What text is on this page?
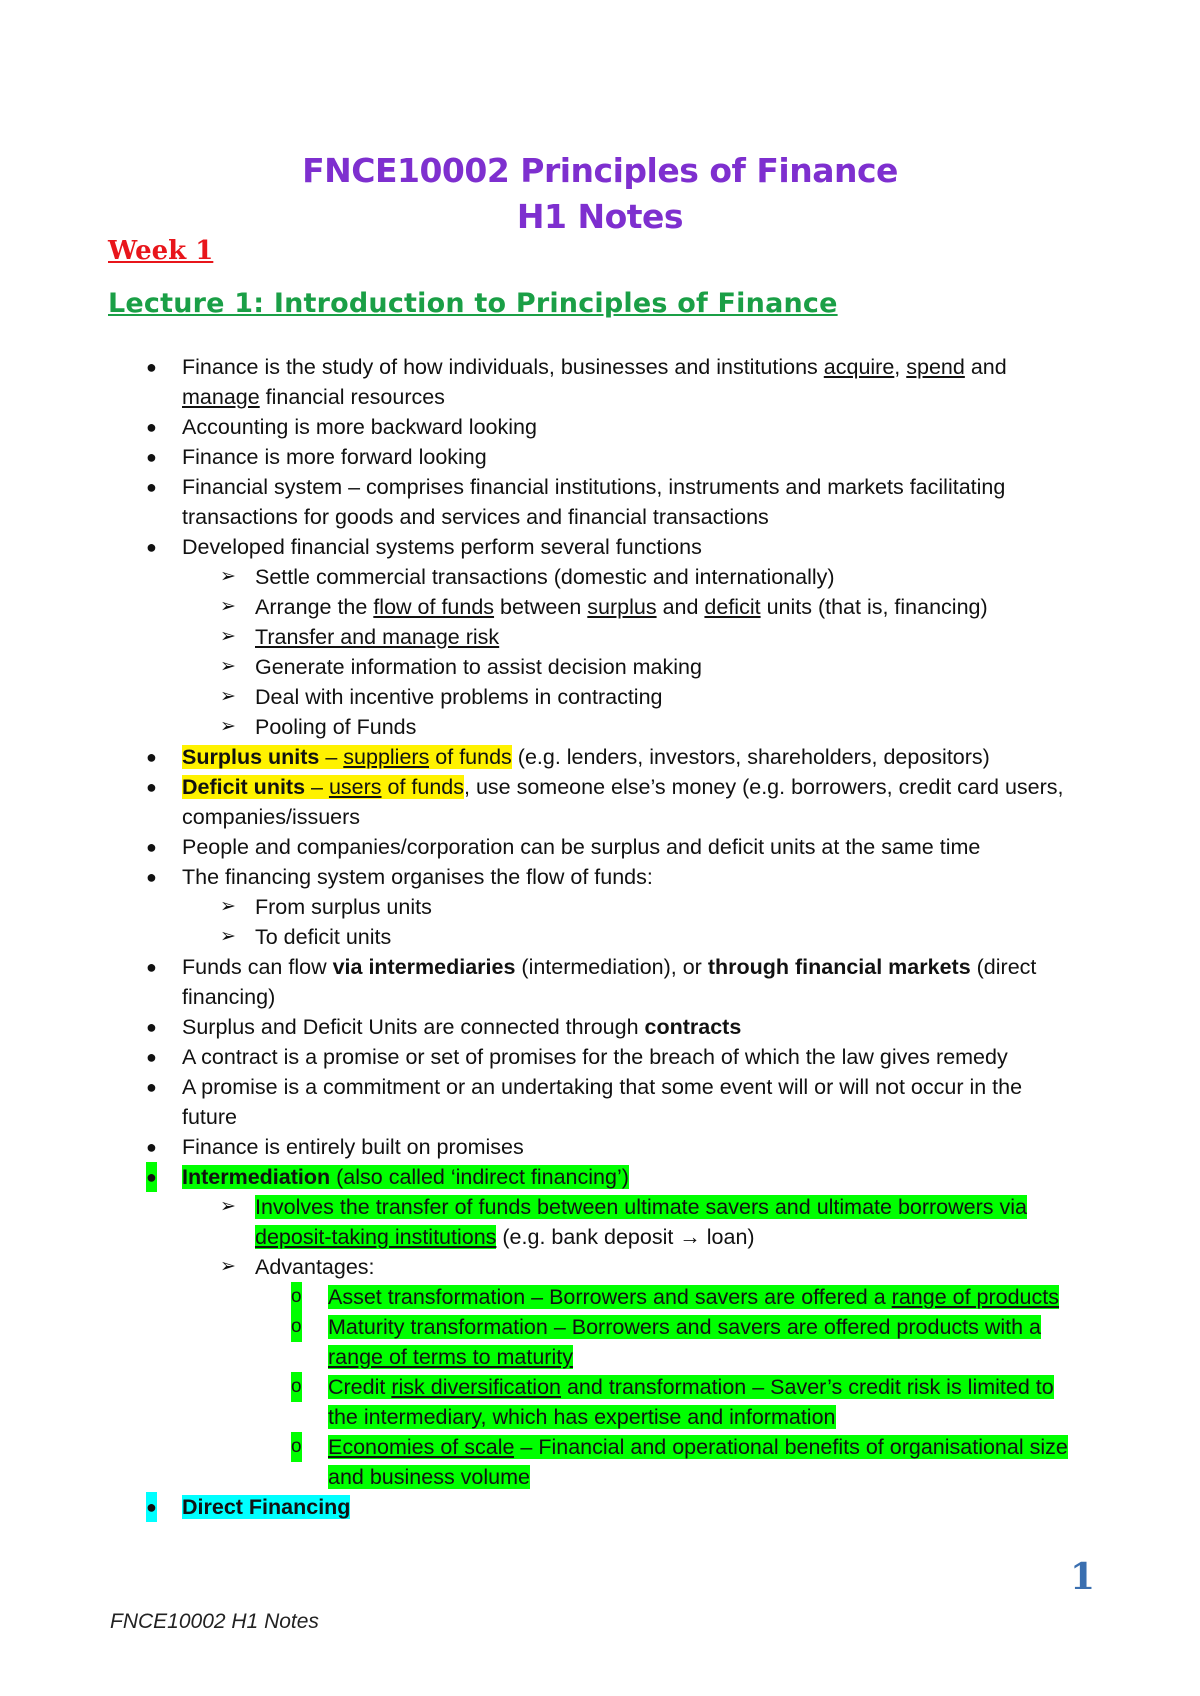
FNCE10002 Principles of Finance
H1 Notes
Week 1
Lecture 1: Introduction to Principles of Finance
● Finance is the study of how individuals, businesses and institutions acquire, spend and
manage financial resources
● Accounting is more backward looking
● Finance is more forward looking
● Financial system – comprises financial institutions, instruments and markets facilitating
transactions for goods and services and financial transactions
● Developed financial systems perform several functions
➢ Settle commercial transactions (domestic and internationally)
➢ Arrange the flow of funds between surplus and deficit units (that is, financing)
➢ Transfer and manage risk
➢ Generate information to assist decision making
➢ Deal with incentive problems in contracting
➢ Pooling of Funds
● Surplus units – suppliers of funds (e.g. lenders, investors, shareholders, depositors)
● Deficit units – users of funds, use someone else’s money (e.g. borrowers, credit card users,
companies/issuers
● People and companies/corporation can be surplus and deficit units at the same time
● The financing system organises the flow of funds:
➢ From surplus units
➢ To deficit units
● Funds can flow via intermediaries (intermediation), or through financial markets (direct
financing)
● Surplus and Deficit Units are connected through contracts
● A contract is a promise or set of promises for the breach of which the law gives remedy
● A promise is a commitment or an undertaking that some event will or will not occur in the
future
● Finance is entirely built on promises
● Intermediation (also called ‘indirect financing’)
➢ Involves the transfer of funds between ultimate savers and ultimate borrowers via
deposit-taking institutions (e.g. bank deposit → loan)
➢ Advantages:
o Asset transformation – Borrowers and savers are offered a range of products
o Maturity transformation – Borrowers and savers are offered products with a
range of terms to maturity
o Credit risk diversification and transformation – Saver’s credit risk is limited to
the intermediary, which has expertise and information
o Economies of scale – Financial and operational benefits of organisational size
and business volume
● Direct Financing
FNCE10002 H1 Notes
1
